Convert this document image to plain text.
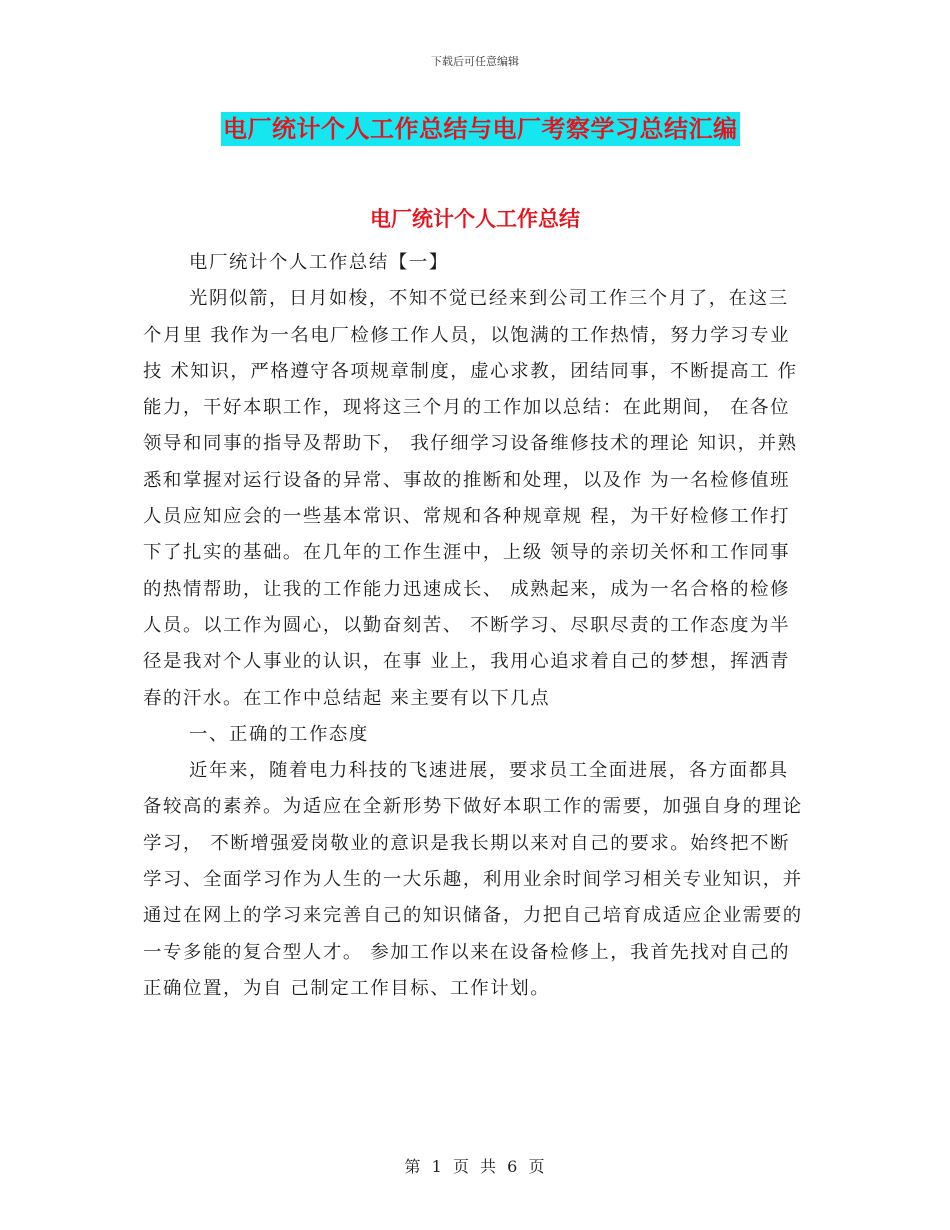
下载后可任意编辑
电厂统计个人工作总结与电厂考察学习总结汇编
电厂统计个人工作总结

电厂统计个人工作总结【一】

光阴似箭，日月如梭，不知不觉已经来到公司工作三个月了，在这三个月里 我作为一名电厂检修工作人员，以饱满的工作热情，努力学习专业技 术知识，严格遵守各项规章制度，虚心求教，团结同事，不断提高工 作能力，干好本职工作，现将这三个月的工作加以总结：在此期间， 在各位领导和同事的指导及帮助下， 我仔细学习设备维修技术的理论 知识，并熟悉和掌握对运行设备的异常、事故的推断和处理，以及作 为一名检修值班人员应知应会的一些基本常识、常规和各种规章规 程，为干好检修工作打下了扎实的基础。在几年的工作生涯中，上级 领导的亲切关怀和工作同事的热情帮助，让我的工作能力迅速成长、 成熟起来，成为一名合格的检修人员。以工作为圆心，以勤奋刻苦、 不断学习、尽职尽责的工作态度为半径是我对个人事业的认识，在事 业上，我用心追求着自己的梦想，挥洒青春的汗水。在工作中总结起 来主要有以下几点

一、正确的工作态度

近年来，随着电力科技的飞速进展，要求员工全面进展，各方面都具备较高的素养。为适应在全新形势下做好本职工作的需要，加强自身的理论学习， 不断增强爱岗敬业的意识是我长期以来对自己的要求。始终把不断学习、全面学习作为人生的一大乐趣，利用业余时间学习相关专业知识，并通过在网上的学习来完善自己的知识储备，力把自己培育成适应企业需要的一专多能的复合型人才。 参加工作以来在设备检修上，我首先找对自己的正确位置，为自 己制定工作目标、工作计划。

第 1 页 共 6 页
